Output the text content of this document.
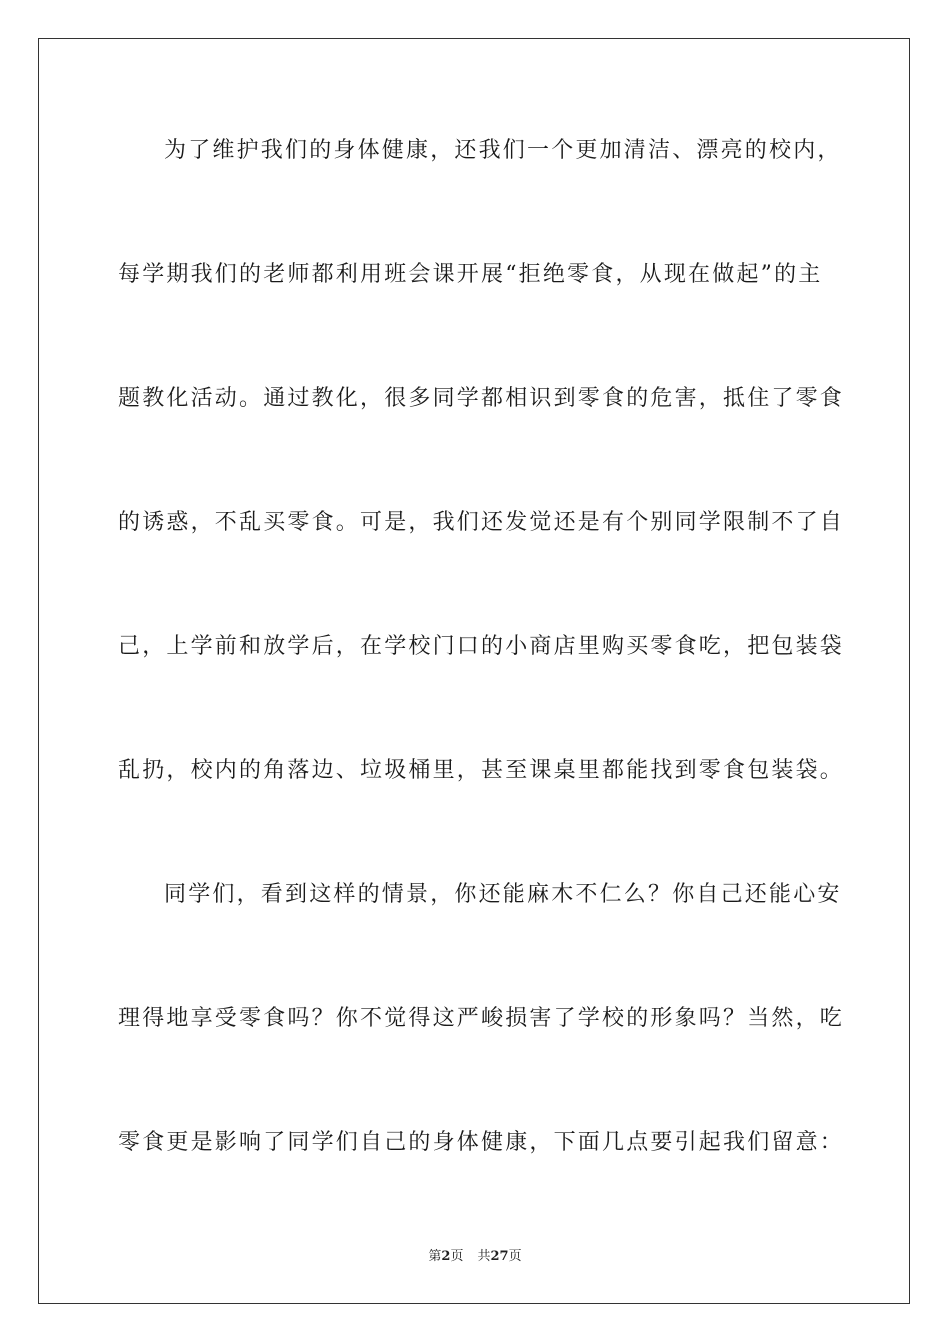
为了维护我们的身体健康，还我们一个更加清洁、漂亮的校内，
每学期我们的老师都利用班会课开展“拒绝零食，从现在做起”的主
题教化活动。通过教化，很多同学都相识到零食的危害，抵住了零食
的诱惑，不乱买零食。可是，我们还发觉还是有个别同学限制不了自
己，上学前和放学后，在学校门口的小商店里购买零食吃，把包装袋
乱扔，校内的角落边、垃圾桶里，甚至课桌里都能找到零食包装袋。
同学们，看到这样的情景，你还能麻木不仁么？你自己还能心安
理得地享受零食吗？你不觉得这严峻损害了学校的形象吗？当然，吃
零食更是影响了同学们自己的身体健康，下面几点要引起我们留意：
第2页 共27页
